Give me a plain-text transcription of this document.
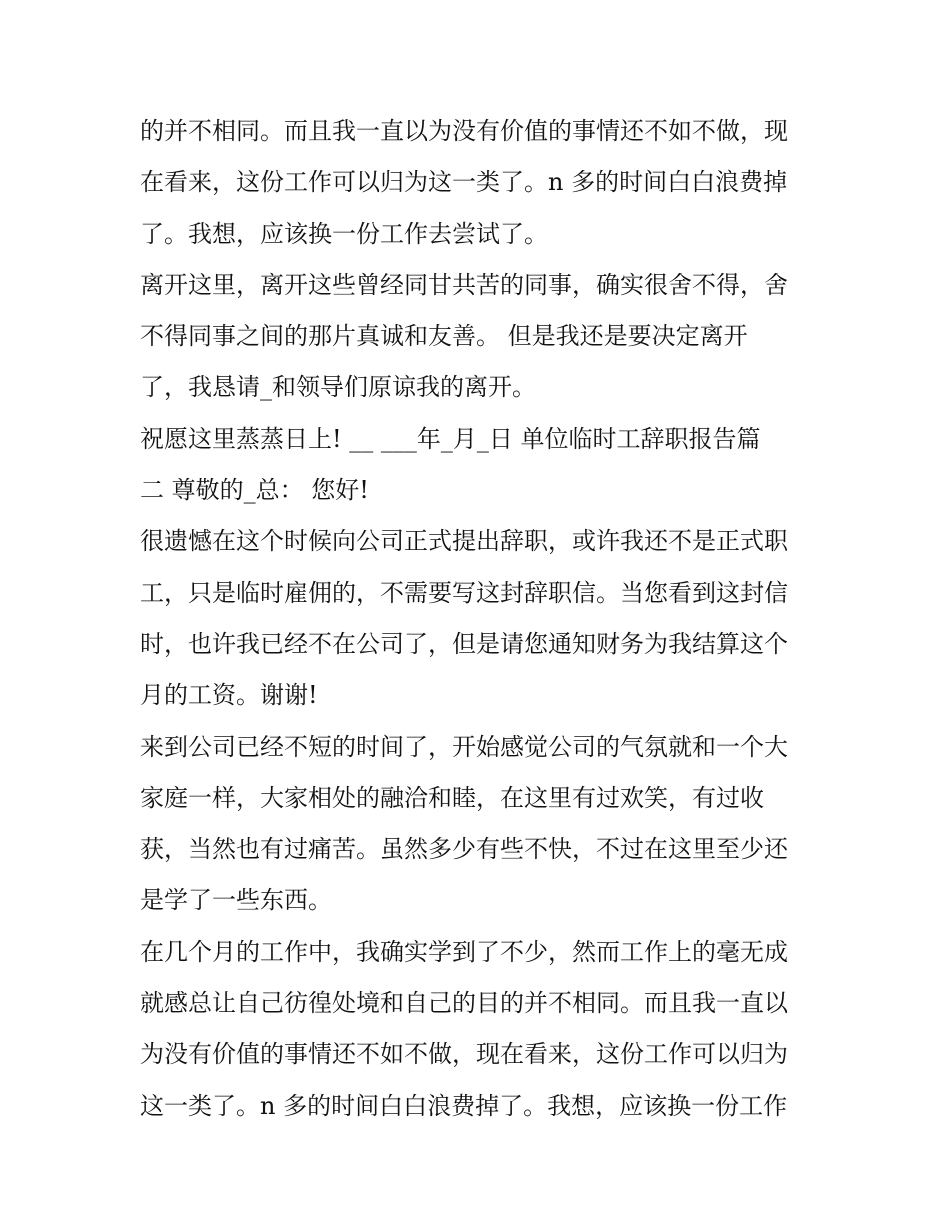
的并不相同。而且我一直以为没有价值的事情还不如不做，现
在看来，这份工作可以归为这一类了。n 多的时间白白浪费掉
了。我想，应该换一份工作去尝试了。
离开这里，离开这些曾经同甘共苦的同事，确实很舍不得，舍
不得同事之间的那片真诚和友善。 但是我还是要决定离开
了，我恳请_和领导们原谅我的离开。
祝愿这里蒸蒸日上! __ ___年_月_日 单位临时工辞职报告篇
二 尊敬的_总： 您好!
很遗憾在这个时候向公司正式提出辞职，或许我还不是正式职
工，只是临时雇佣的，不需要写这封辞职信。当您看到这封信
时，也许我已经不在公司了，但是请您通知财务为我结算这个
月的工资。谢谢!
来到公司已经不短的时间了，开始感觉公司的气氛就和一个大
家庭一样，大家相处的融洽和睦，在这里有过欢笑，有过收
获，当然也有过痛苦。虽然多少有些不快，不过在这里至少还
是学了一些东西。
在几个月的工作中，我确实学到了不少，然而工作上的毫无成
就感总让自己彷徨处境和自己的目的并不相同。而且我一直以
为没有价值的事情还不如不做，现在看来，这份工作可以归为
这一类了。n 多的时间白白浪费掉了。我想，应该换一份工作
